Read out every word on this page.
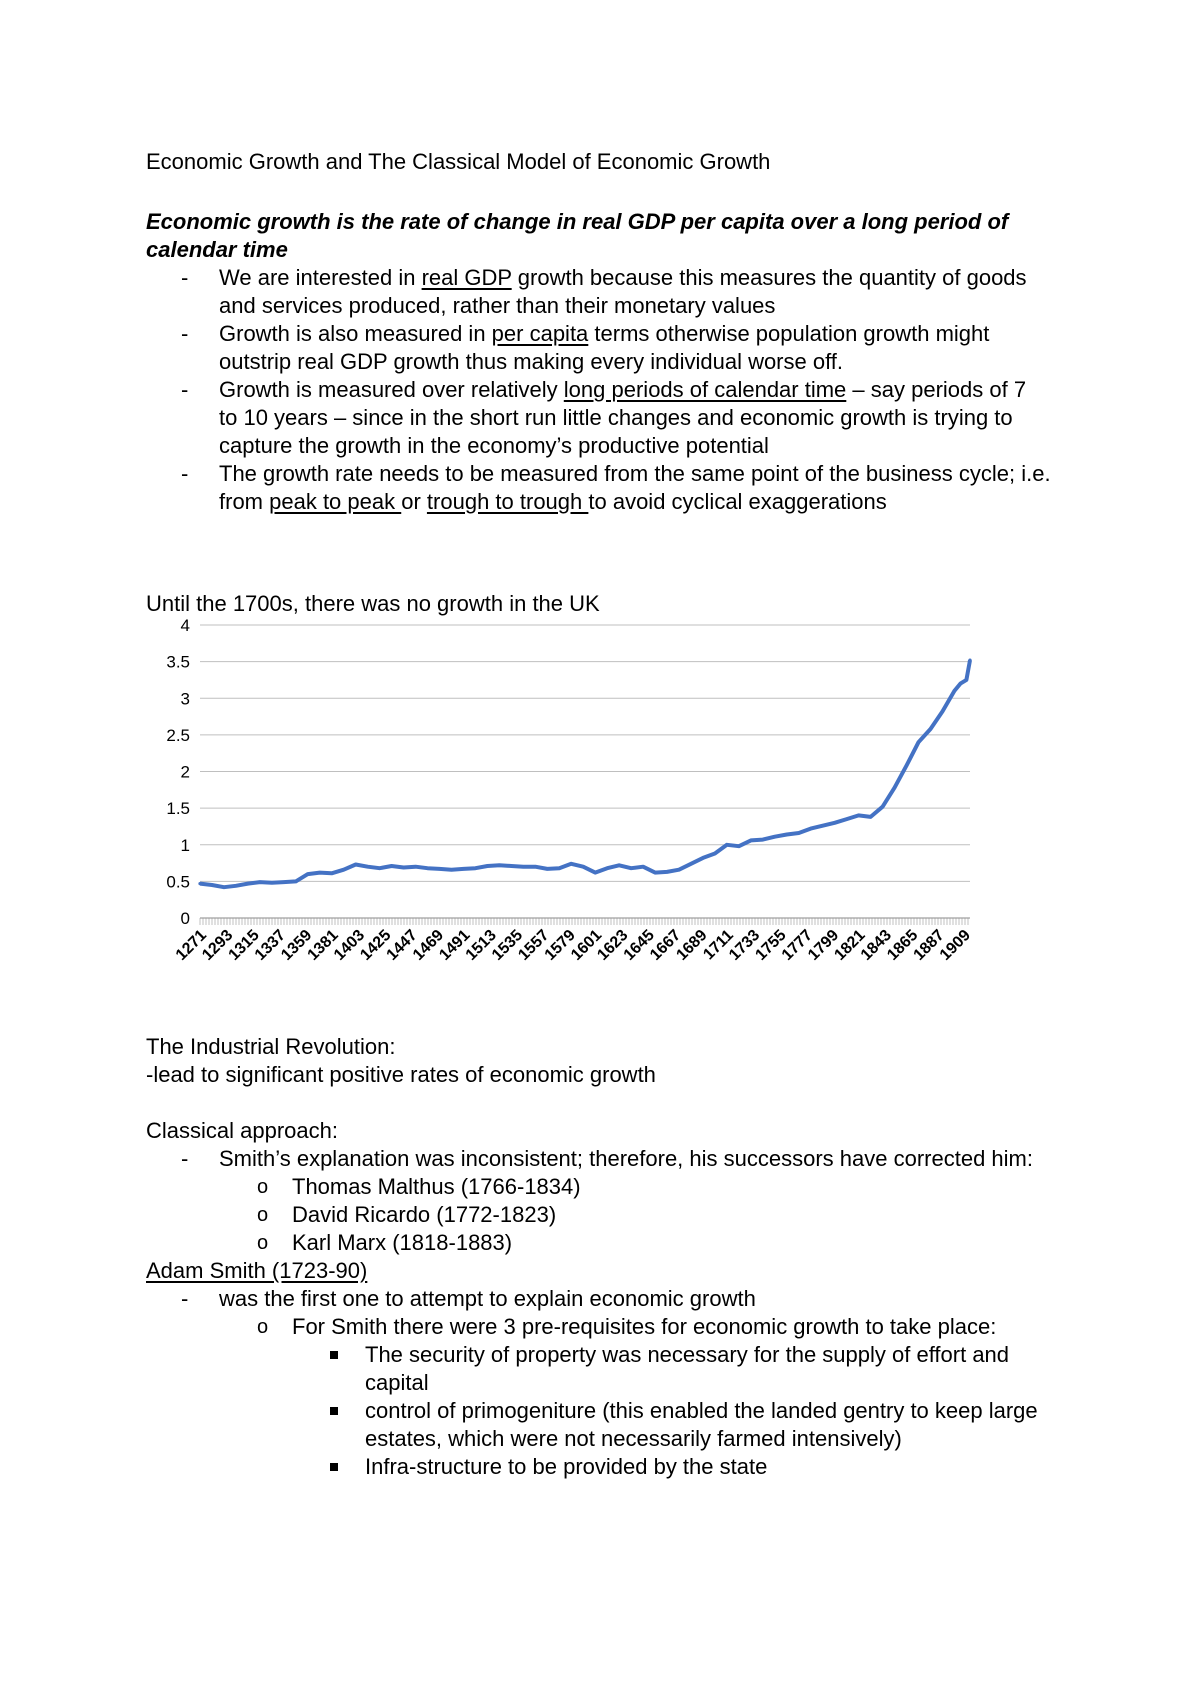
Economic Growth and The Classical Model of Economic Growth
Economic growth is the rate of change in real GDP per capita over a long period of
calendar time
-	We are interested in real GDP growth because this measures the quantity of goods
and services produced, rather than their monetary values
-	Growth is also measured in per capita terms otherwise population growth might
outstrip real GDP growth thus making every individual worse off.
-	Growth is measured over relatively long periods of calendar time – say periods of 7
to 10 years – since in the short run little changes and economic growth is trying to
capture the growth in the economy’s productive potential
-	The growth rate needs to be measured from the same point of the business cycle; i.e.
from peak to peak or trough to trough to avoid cyclical exaggerations
Until the 1700s, there was no growth in the UK
0
0.5
1
1.5
2
2.5
3
3.5
4
1271
1293
1315
1337
1359
1381
1403
1425
1447
1469
1491
1513
1535
1557
1579
1601
1623
1645
1667
1689
1711
1733
1755
1777
1799
1821
1843
1865
1887
1909
The Industrial Revolution:
-lead to significant positive rates of economic growth
Classical approach:
-	Smith’s explanation was inconsistent; therefore, his successors have corrected him:
o Thomas Malthus (1766-1834)
o David Ricardo (1772-1823)
o Karl Marx (1818-1883)
Adam Smith (1723-90)
-	was the first one to attempt to explain economic growth
o For Smith there were 3 pre-requisites for economic growth to take place:
The security of property was necessary for the supply of effort and
capital
control of primogeniture (this enabled the landed gentry to keep large
estates, which were not necessarily farmed intensively)
Infra-structure to be provided by the state
